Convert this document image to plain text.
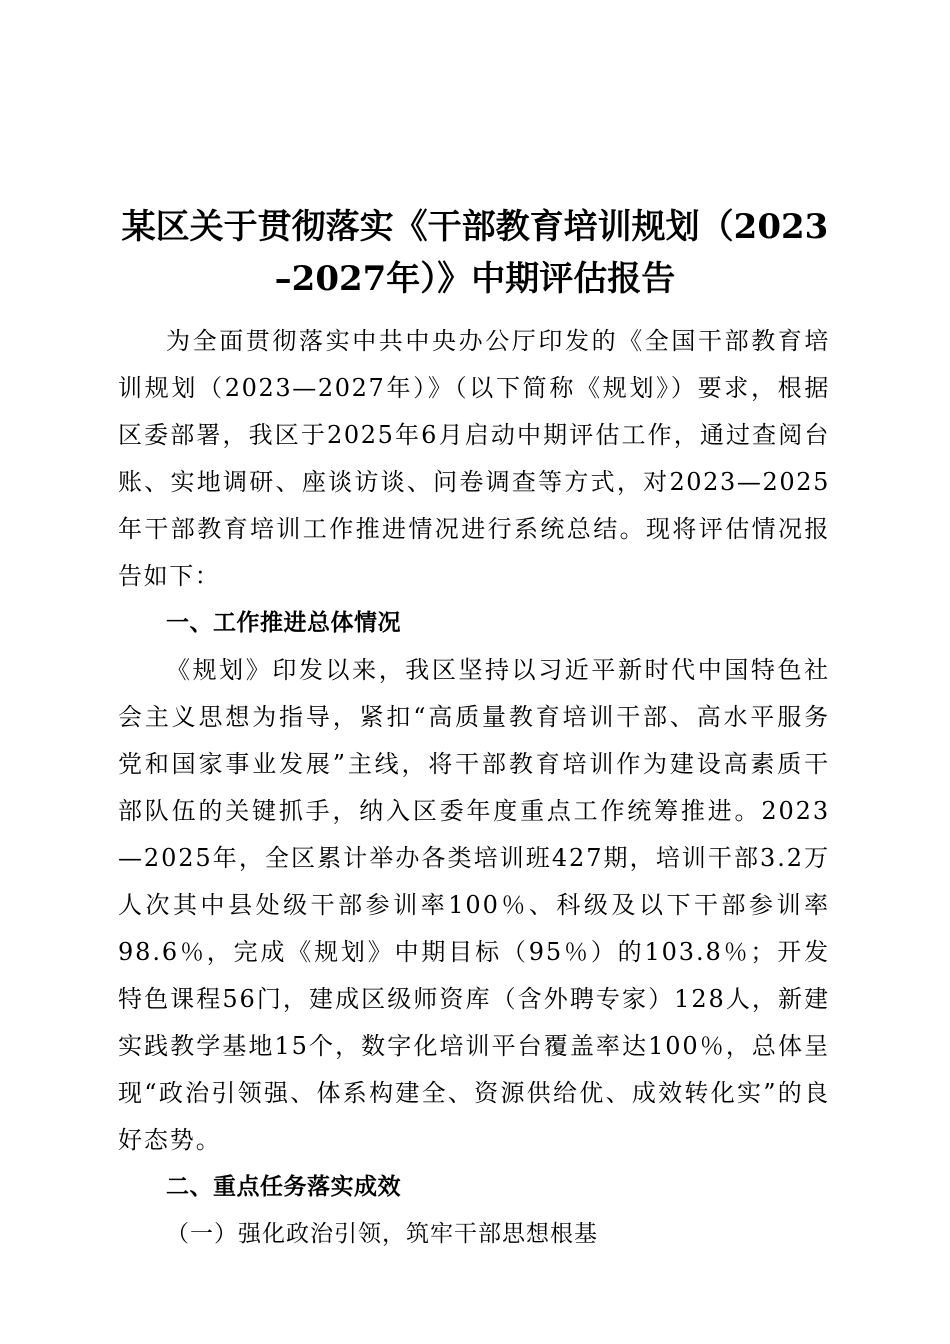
某区关于贯彻落实《干部教育培训规划（2023
–2027年）》中期评估报告

为全面贯彻落实中共中央办公厅印发的《全国干部教育培训规划（2023—2027年）》（以下简称《规划》）要求，根据区委部署，我区于2025年6月启动中期评估工作，通过查阅台账、实地调研、座谈访谈、问卷调查等方式，对2023—2025年干部教育培训工作推进情况进行系统总结。现将评估情况报告如下：

一、工作推进总体情况

《规划》印发以来，我区坚持以习近平新时代中国特色社会主义思想为指导，紧扣“高质量教育培训干部、高水平服务党和国家事业发展”主线，将干部教育培训作为建设高素质干部队伍的关键抓手，纳入区委年度重点工作统筹推进。2023—2025年，全区累计举办各类培训班427期，培训干部3.2万人次其中县处级干部参训率100％、科级及以下干部参训率98.6％，完成《规划》中期目标（95％）的103.8％；开发特色课程56门，建成区级师资库（含外聘专家）128人，新建实践教学基地15个，数字化培训平台覆盖率达100％，总体呈现“政治引领强、体系构建全、资源供给优、成效转化实”的良好态势。

二、重点任务落实成效

（一）强化政治引领，筑牢干部思想根基
